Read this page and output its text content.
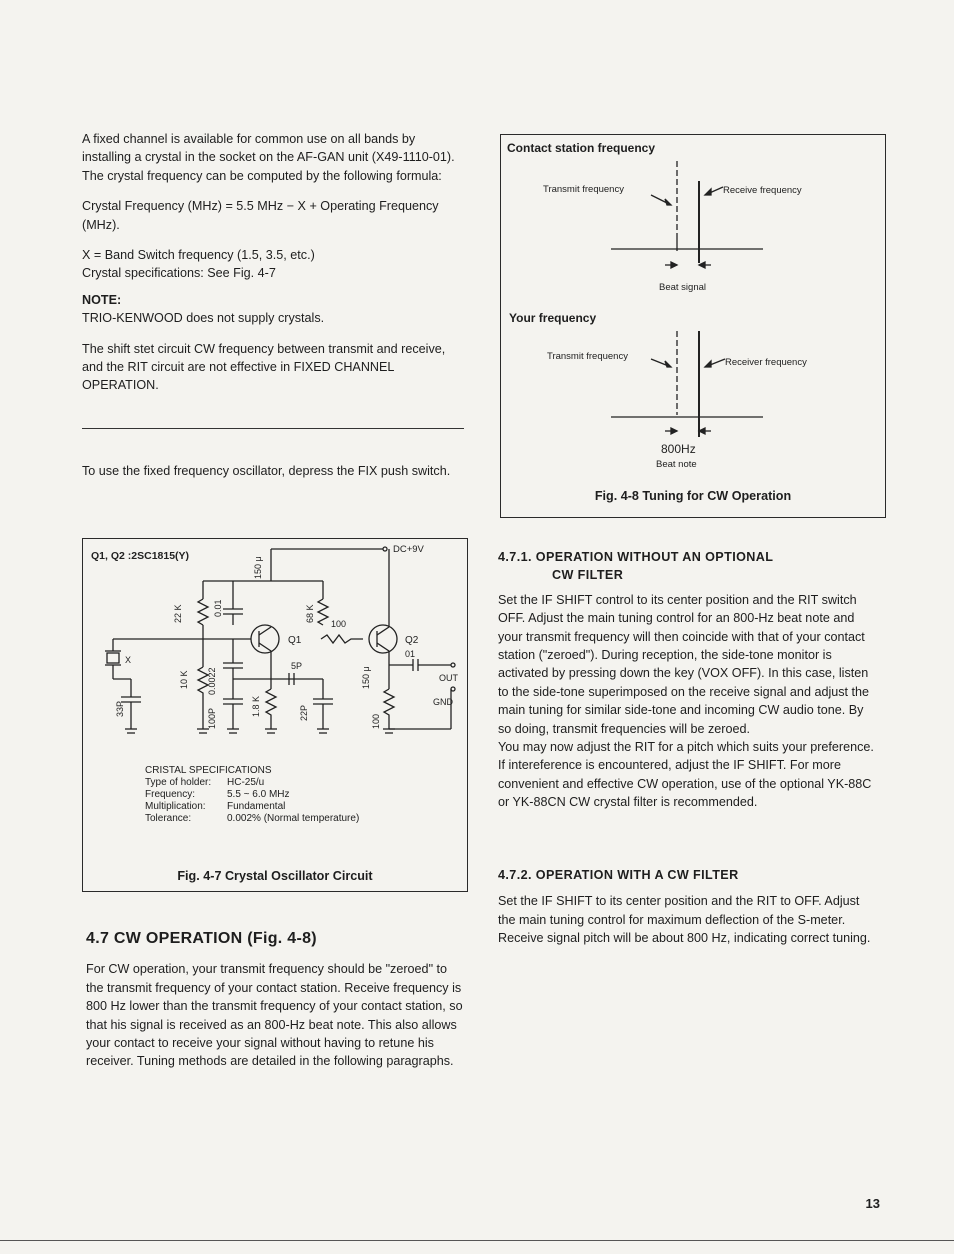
A fixed channel is available for common use on all bands by installing a crystal in the socket on the AF-GAN unit (X49-1110-01). The crystal frequency can be computed by the following formula:

Crystal Frequency (MHz) = 5.5 MHz − X + Operating Frequency (MHz).

X = Band Switch frequency (1.5, 3.5, etc.)

Crystal specifications: See Fig. 4-7

NOTE:

TRIO-KENWOOD does not supply crystals.

The shift stet circuit CW frequency between transmit and receive, and the RIT circuit are not effective in FIXED CHANNEL OPERATION.

To use the fixed frequency oscillator, depress the FIX push switch.
Q1, Q2 :2SC1815(Y)
DC+9V
150 μ
22 K	0.01	68 K
Q1
100
Q2
X
33P
10 K 0.0022
100P
5P
1.8 K	22P
01
OUT
100
150 μ
GND
CRISTAL SPECIFICATIONS
Type of holder: HC-25/u
Frequency:	5.5 ~ 6.0 MHz
Multiplication: Fundamental
Tolerance:	0.002% (Normal temperature)
Fig. 4-7 Crystal Oscillator Circuit
4.7 CW OPERATION (Fig. 4-8)
For CW operation, your transmit frequency should be "zeroed" to the transmit frequency of your contact station. Receive frequency is 800 Hz lower than the transmit frequency of your contact station, so that his signal is received as an 800-Hz beat note. This also allows your contact to receive your signal without having to retune his receiver. Tuning methods are detailed in the following paragraphs.
Contact station frequency
Transmit frequency	Receive frequency
Beat signal
Transmit frequency
Receiver frequency
800Hz
Your frequency
Beat note
Fig. 4-8 Tuning for CW Operation
4.7.1. OPERATION WITHOUT AN OPTIONAL
CW FILTER
Set the IF SHIFT control to its center position and the RIT switch OFF. Adjust the main tuning control for an 800-Hz beat note and your transmit frequency will then coincide with that of your contact station ("zeroed"). During reception, the side-tone monitor is activated by pressing down the key (VOX OFF). In this case, listen to the side-tone superimposed on the receive signal and adjust the main tuning for similar side-tone and incoming CW audio tone. By so doing, transmit frequencies will be zeroed.
You may now adjust the RIT for a pitch which suits your preference. If intereference is encountered, adjust the IF SHIFT. For more convenient and effective CW operation, use of the optional YK-88C or YK-88CN CW crystal filter is recommended.
4.7.2. OPERATION WITH A CW FILTER
Set the IF SHIFT to its center position and the RIT to OFF. Adjust the main tuning control for maximum deflection of the S-meter. Receive signal pitch will be about 800 Hz, indicating correct tuning.
13
